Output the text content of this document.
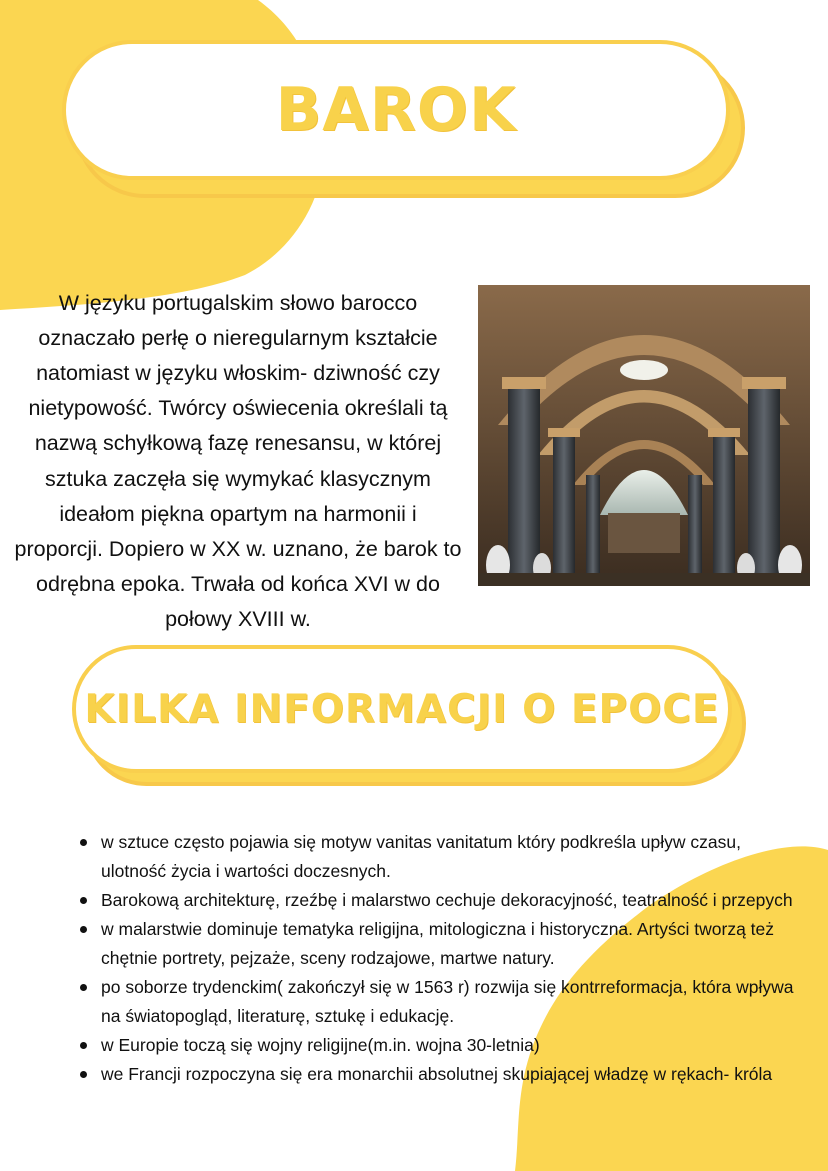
BAROK

W języku portugalskim słowo barocco oznaczało perłę o nieregularnym kształcie natomiast w języku włoskim- dziwność czy nietypowość. Twórcy oświecenia określali tą nazwą schyłkową fazę renesansu, w której sztuka zaczęła się wymykać klasycznym ideałom piękna opartym na harmonii i proporcji. Dopiero w XX w. uznano, że barok to odrębna epoka. Trwała od końca XVI w do połowy XVIII w.

KILKA INFORMACJI O EPOCE
w sztuce często pojawia się motyw vanitas vanitatum który podkreśla upływ czasu, ulotność życia i wartości doczesnych.
Barokową architekturę, rzeźbę i malarstwo cechuje dekoracyjność, teatralność i przepych
w malarstwie dominuje tematyka religijna, mitologiczna i historyczna. Artyści tworzą też chętnie portrety, pejzaże, sceny rodzajowe, martwe natury.
po soborze trydenckim( zakończył się w 1563 r) rozwija się kontrreformacja, która wpływa na światopogląd, literaturę, sztukę i edukację.
w Europie toczą się wojny religijne(m.in. wojna 30-letnia)
we Francji rozpoczyna się era monarchii absolutnej skupiającej władzę w rękach- króla
